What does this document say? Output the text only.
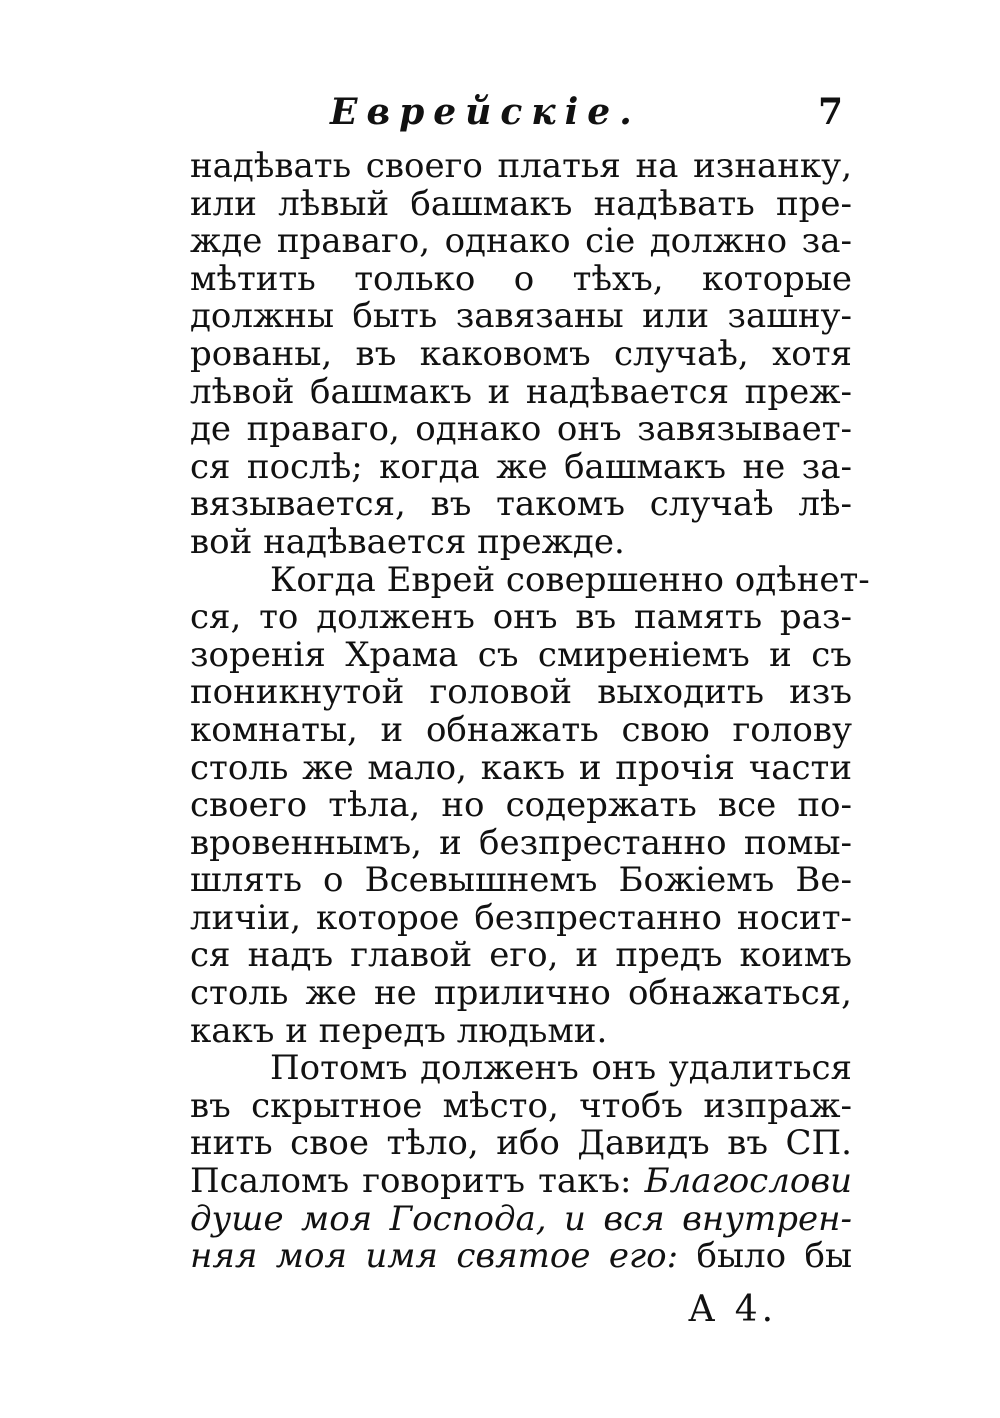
Еврейскіе.	7
надѣвать своего платья на изнанку,
или лѣвый башмакъ надѣвать пре-
жде праваго, однако сіе должно за-
мѣтить только о тѣхъ, которые
должны быть завязаны или зашну-
рованы, въ каковомъ случаѣ, хотя
лѣвой башмакъ и надѣвается преж-
де праваго, однако онъ завязывает-
ся послѣ; когда же башмакъ не за-
вязывается, въ такомъ случаѣ лѣ-
вой надѣвается прежде.
Когда Еврей совершенно одѣнет-
ся, то долженъ онъ въ память раз-
зоренія Храма съ смиреніемъ и съ
поникнутой головой выходить изъ
комнаты, и обнажать свою голову
столь же мало, какъ и прочія части
своего тѣла, но содержать все по-
вровеннымъ, и безпрестанно помы-
шлять о Всевышнемъ Божіемъ Ве-
личіи, которое безпрестанно носит-
ся надъ главой его, и предъ коимъ
столь же не прилично обнажаться,
какъ и передъ людьми.
Потомъ долженъ онъ удалиться
въ скрытное мѣсто, чтобъ изпраж-
нить свое тѣло, ибо Давидъ въ СП.
Псаломъ говоритъ такъ: Благослови
душе моя Господа, и вся внутрен-
няя моя имя святое его: было бы
А 4.
